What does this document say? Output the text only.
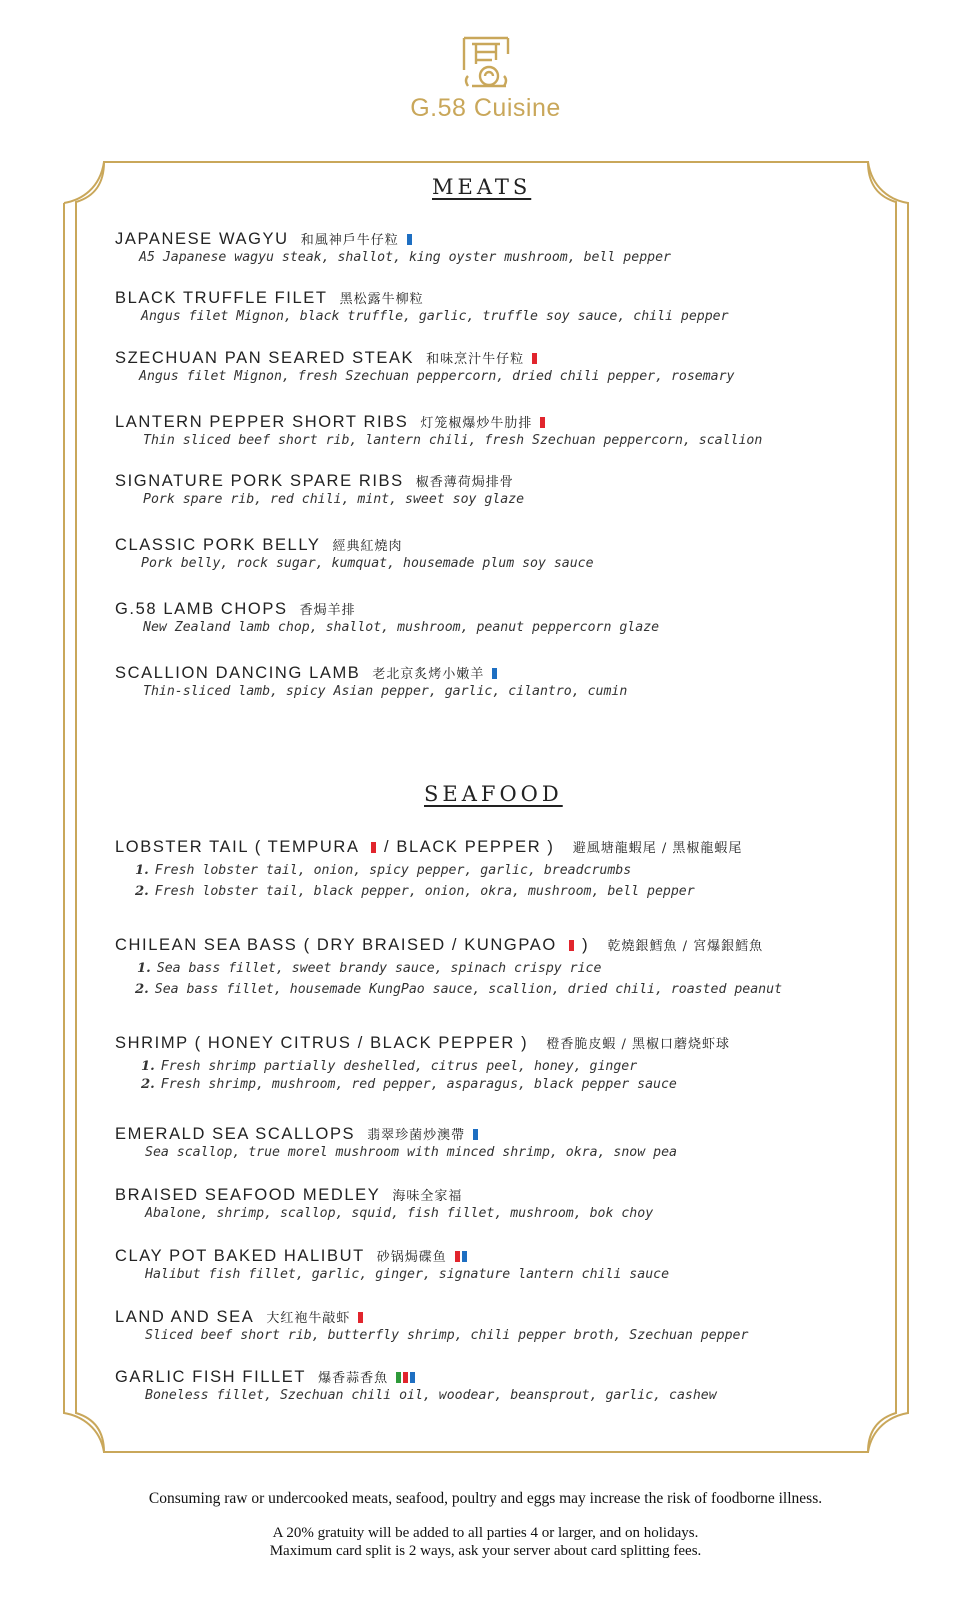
G.58 Cuisine
MEATS
JAPANESE WAGYU 和風神戶牛仔粒
A5 Japanese wagyu steak, shallot, king oyster mushroom, bell pepper
BLACK TRUFFLE FILET 黑松露牛柳粒
Angus filet Mignon, black truffle, garlic, truffle soy sauce, chili pepper
SZECHUAN PAN SEARED STEAK 和味烹汁牛仔粒
Angus filet Mignon, fresh Szechuan peppercorn, dried chili pepper, rosemary
LANTERN PEPPER SHORT RIBS 灯笼椒爆炒牛肋排
Thin sliced beef short rib, lantern chili, fresh Szechuan peppercorn, scallion
SIGNATURE PORK SPARE RIBS 椒香薄荷焗排骨
Pork spare rib, red chili, mint, sweet soy glaze
CLASSIC PORK BELLY 經典紅燒肉
Pork belly, rock sugar, kumquat, housemade plum soy sauce
G.58 LAMB CHOPS 香焗羊排
New Zealand lamb chop, shallot, mushroom, peanut peppercorn glaze
SCALLION DANCING LAMB 老北京炙烤小嫩羊
Thin-sliced lamb, spicy Asian pepper, garlic, cilantro, cumin
SEAFOOD
LOBSTER TAIL ( TEMPURA / BLACK PEPPER ) 避風塘龍蝦尾 / 黑椒龍蝦尾
1. Fresh lobster tail, onion, spicy pepper, garlic, breadcrumbs
2. Fresh lobster tail, black pepper, onion, okra, mushroom, bell pepper
CHILEAN SEA BASS ( DRY BRAISED / KUNGPAO ) 乾燒銀鱈魚 / 宮爆銀鱈魚
1. Sea bass fillet, sweet brandy sauce, spinach crispy rice
2. Sea bass fillet, housemade KungPao sauce, scallion, dried chili, roasted peanut
SHRIMP ( HONEY CITRUS / BLACK PEPPER ) 橙香脆皮蝦 / 黑椒口蘑烧虾球
1. Fresh shrimp partially deshelled, citrus peel, honey, ginger
2. Fresh shrimp, mushroom, red pepper, asparagus, black pepper sauce
EMERALD SEA SCALLOPS 翡翠珍菌炒澳帶
Sea scallop, true morel mushroom with minced shrimp, okra, snow pea
BRAISED SEAFOOD MEDLEY 海味全家福
Abalone, shrimp, scallop, squid, fish fillet, mushroom, bok choy
CLAY POT BAKED HALIBUT 砂锅焗碟鱼
Halibut fish fillet, garlic, ginger, signature lantern chili sauce
LAND AND SEA 大红袍牛敲虾
Sliced beef short rib, butterfly shrimp, chili pepper broth, Szechuan pepper
GARLIC FISH FILLET 爆香蒜香魚
Boneless fillet, Szechuan chili oil, woodear, beansprout, garlic, cashew
Consuming raw or undercooked meats, seafood, poultry and eggs may increase the risk of foodborne illness.
A 20% gratuity will be added to all parties 4 or larger, and on holidays.
Maximum card split is 2 ways, ask your server about card splitting fees.
